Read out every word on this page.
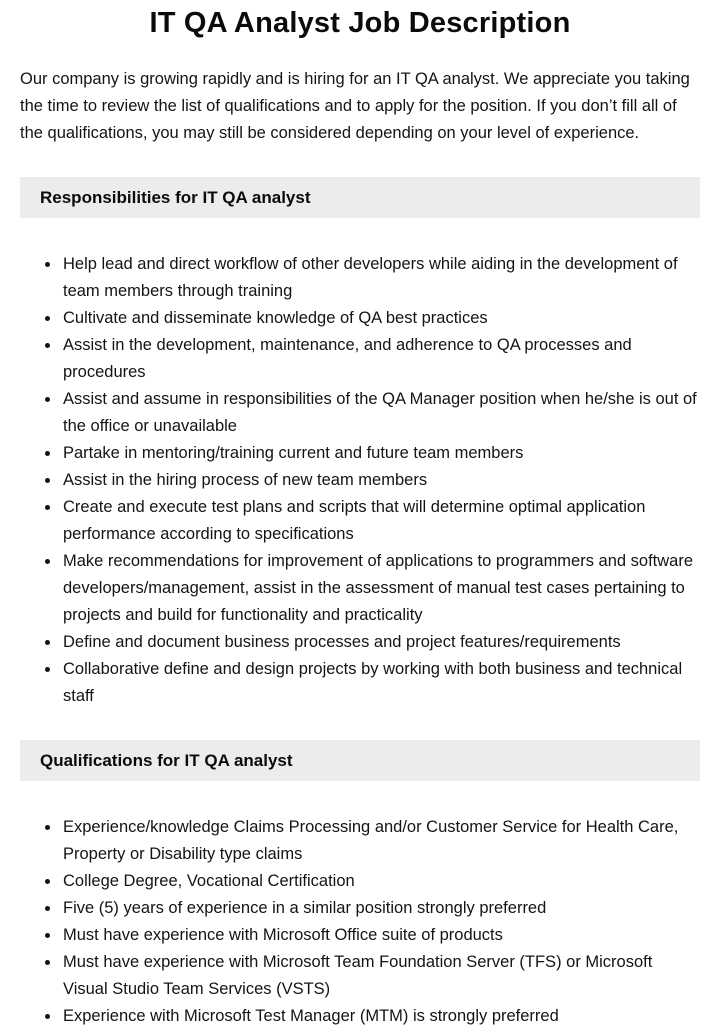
IT QA Analyst Job Description

Our company is growing rapidly and is hiring for an IT QA analyst. We appreciate you taking the time to review the list of qualifications and to apply for the position. If you don’t fill all of the qualifications, you may still be considered depending on your level of experience.

Responsibilities for IT QA analyst
• Help lead and direct workflow of other developers while aiding in the development of team members through training
• Cultivate and disseminate knowledge of QA best practices
• Assist in the development, maintenance, and adherence to QA processes and procedures
• Assist and assume in responsibilities of the QA Manager position when he/she is out of the office or unavailable
• Partake in mentoring/training current and future team members
• Assist in the hiring process of new team members
• Create and execute test plans and scripts that will determine optimal application performance according to specifications
• Make recommendations for improvement of applications to programmers and software developers/management, assist in the assessment of manual test cases pertaining to projects and build for functionality and practicality
• Define and document business processes and project features/requirements
• Collaborative define and design projects by working with both business and technical staff
Qualifications for IT QA analyst
• Experience/knowledge Claims Processing and/or Customer Service for Health Care, Property or Disability type claims
• College Degree, Vocational Certification
• Five (5) years of experience in a similar position strongly preferred
• Must have experience with Microsoft Office suite of products
• Must have experience with Microsoft Team Foundation Server (TFS) or Microsoft Visual Studio Team Services (VSTS)
• Experience with Microsoft Test Manager (MTM) is strongly preferred
